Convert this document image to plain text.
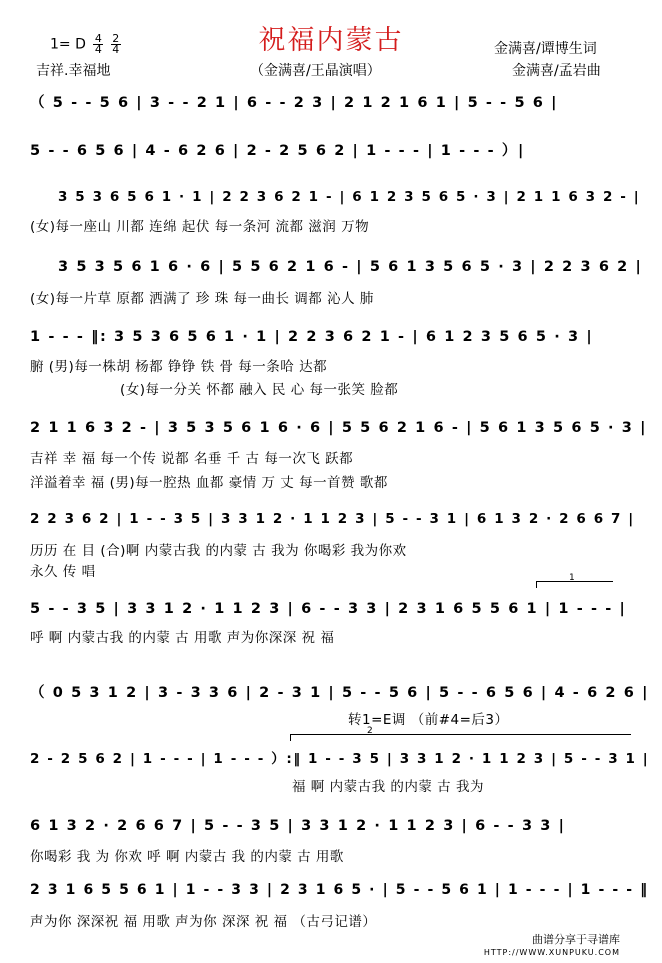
祝福内蒙古
1= D $\frac{4}{4}$
$\frac{2}{4}$
吉祥.幸福地	（金满喜/王晶演唱）
金满喜/谭博生词
金满喜/孟岩曲
（ 5 - - 5 6 | 3 - - 2 1 | 6 - - 2 3 | 2 1 2 1 6 1 | 5 - - 5 6 |
5 - - 6 5 6 | 4 - 6 2 6 | 2 - 2 5 6 2 | 1 - - - | 1 - - - ）|
3 5 3 6 5 6 1 · 1 | 2 2 3 6 2 1 - | 6 1 2 3 5 6 5 · 3 | 2 1 1 6 3 2 - |
(女)每一座山 川都 连绵 起伏 每一条河 流都 滋润 万物
3 5 3 5 6 1 6 · 6 | 5 5 6 2 1 6 - | 5 6 1 3 5 6 5 · 3 | 2 2 3 6 2 |
(女)每一片草 原都 洒满了 珍 珠 每一曲长 调都 沁人 肺
1 - - - ‖: 3 5 3 6 5 6 1 · 1 | 2 2 3 6 2 1 - | 6 1 2 3 5 6 5 · 3 |
腑 (男)每一株胡 杨都 铮铮 铁 骨 每一条哈 达都
(女)每一分关 怀都 融入 民 心 每一张笑 脸都
2 1 1 6 3 2 - | 3 5 3 5 6 1 6 · 6 | 5 5 6 2 1 6 - | 5 6 1 3 5 6 5 · 3 |
吉祥 幸 福 每一个传 说都 名垂 千 古 每一次飞 跃都
洋溢着幸 福 (男)每一腔热 血都 豪情 万 丈 每一首赞 歌都
2 2 3 6 2 | 1 - - 3 5 | 3 3 1 2 · 1 1 2 3 | 5 - - 3 1 | 6 1 3 2 · 2 6 6 7 |
历历 在 目 (合)啊 内蒙古我 的内蒙 古 我为 你喝彩 我为你欢
永久 传 唱	1
5 - - 3 5 | 3 3 1 2 · 1 1 2 3 | 6 - - 3 3 | 2 3 1 6 5 5 6 1 | 1 - - - |
呼 啊 内蒙古我 的内蒙 古 用歌 声为你深深 祝 福
（ 0 5 3 1 2 | 3 - 3 3 6 | 2 - 3 1 | 5 - - 5 6 | 5 - - 6 5 6 | 4 - 6 2 6 |
2
转1=E调 （前#4=后3）
2 - 2 5 6 2 | 1 - - - | 1 - - - ）:‖ 1 - - 3 5 | 3 3 1 2 · 1 1 2 3 | 5 - - 3 1 |
福 啊 内蒙古我 的内蒙 古 我为
6 1 3 2 · 2 6 6 7 | 5 - - 3 5 | 3 3 1 2 · 1 1 2 3 | 6 - - 3 3 |
你喝彩 我 为 你欢 呼 啊 内蒙古 我 的内蒙 古 用歌
2 3 1 6 5 5 6 1 | 1 - - 3 3 | 2 3 1 6 5 · | 5 - - 5 6 1 | 1 - - - | 1 - - - ‖
声为你 深深祝 福 用歌 声为你 深深 祝 福 （古弓记谱）
曲谱分享于寻谱库
HTTP://WWW.XUNPUKU.COM
